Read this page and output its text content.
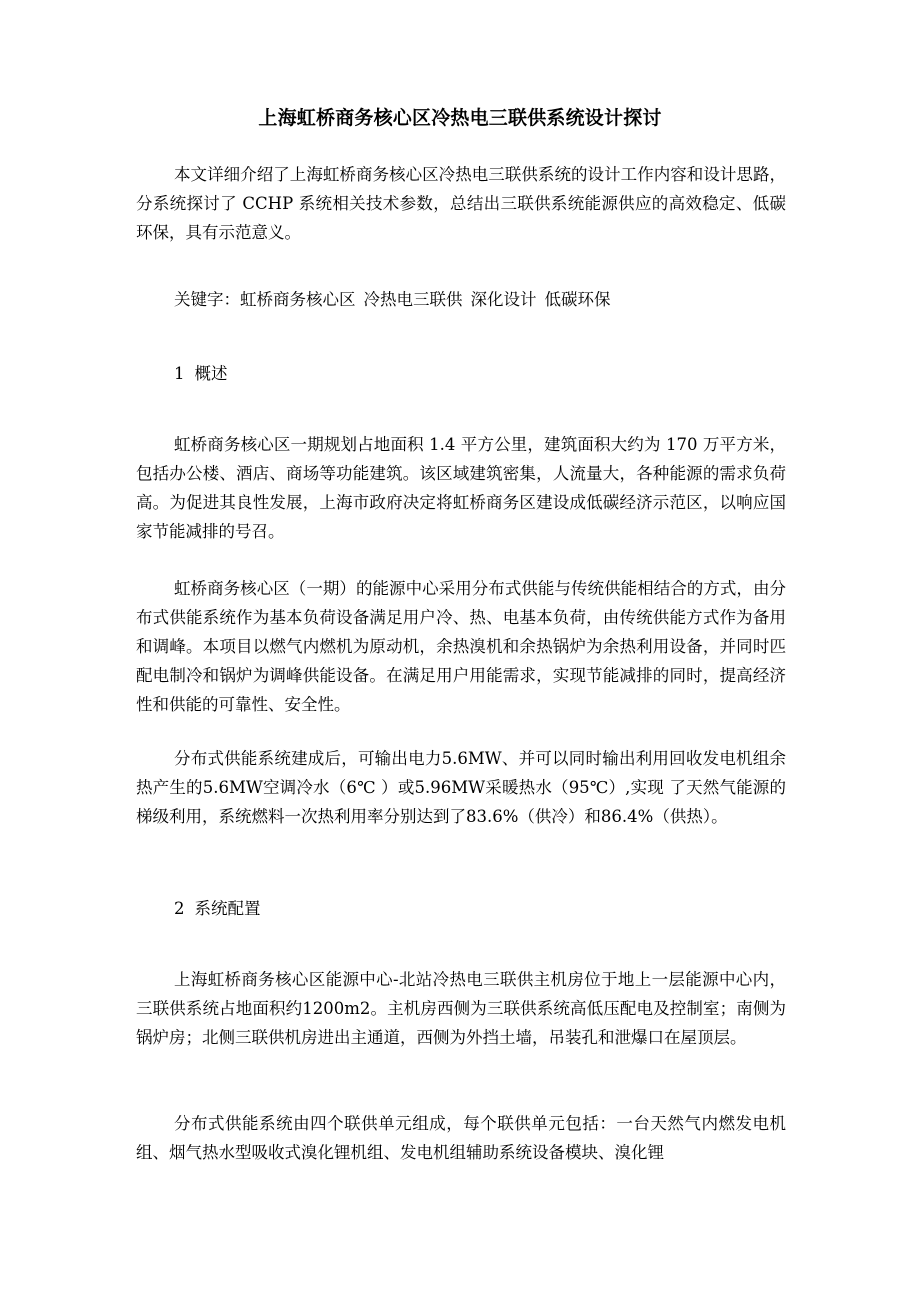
上海虹桥商务核心区冷热电三联供系统设计探讨

本文详细介绍了上海虹桥商务核心区冷热电三联供系统的设计工作内容和设计思路，分系统探讨了 CCHP 系统相关技术参数，总结出三联供系统能源供应的高效稳定、低碳环保，具有示范意义。

关键字：虹桥商务核心区 冷热电三联供 深化设计 低碳环保
1 概述

虹桥商务核心区一期规划占地面积 1.4 平方公里，建筑面积大约为 170 万平方米，包括办公楼、酒店、商场等功能建筑。该区域建筑密集，人流量大，各种能源的需求负荷高。为促进其良性发展，上海市政府决定将虹桥商务区建设成低碳经济示范区，以响应国家节能减排的号召。

虹桥商务核心区（一期）的能源中心采用分布式供能与传统供能相结合的方式，由分布式供能系统作为基本负荷设备满足用户冷、热、电基本负荷，由传统供能方式作为备用和调峰。本项目以燃气内燃机为原动机，余热溴机和余热锅炉为余热利用设备，并同时匹配电制冷和锅炉为调峰供能设备。在满足用户用能需求，实现节能减排的同时，提高经济性和供能的可靠性、安全性。

分布式供能系统建成后，可输出电力5.6MW、并可以同时输出利用回收发电机组余热产生的5.6MW空调冷水（6℃ ）或5.96MW采暖热水（95℃）,实现 了天然气能源的梯级利用，系统燃料一次热利用率分别达到了83.6%（供冷）和86.4%（供热）。

2 系统配置

上海虹桥商务核心区能源中心-北站冷热电三联供主机房位于地上一层能源中心内，三联供系统占地面积约1200m2。主机房西侧为三联供系统高低压配电及控制室；南侧为锅炉房；北侧三联供机房进出主通道，西侧为外挡土墙，吊装孔和泄爆口在屋顶层。

分布式供能系统由四个联供单元组成，每个联供单元包括：一台天然气内燃发电机组、烟气热水型吸收式溴化锂机组、发电机组辅助系统设备模块、溴化锂
